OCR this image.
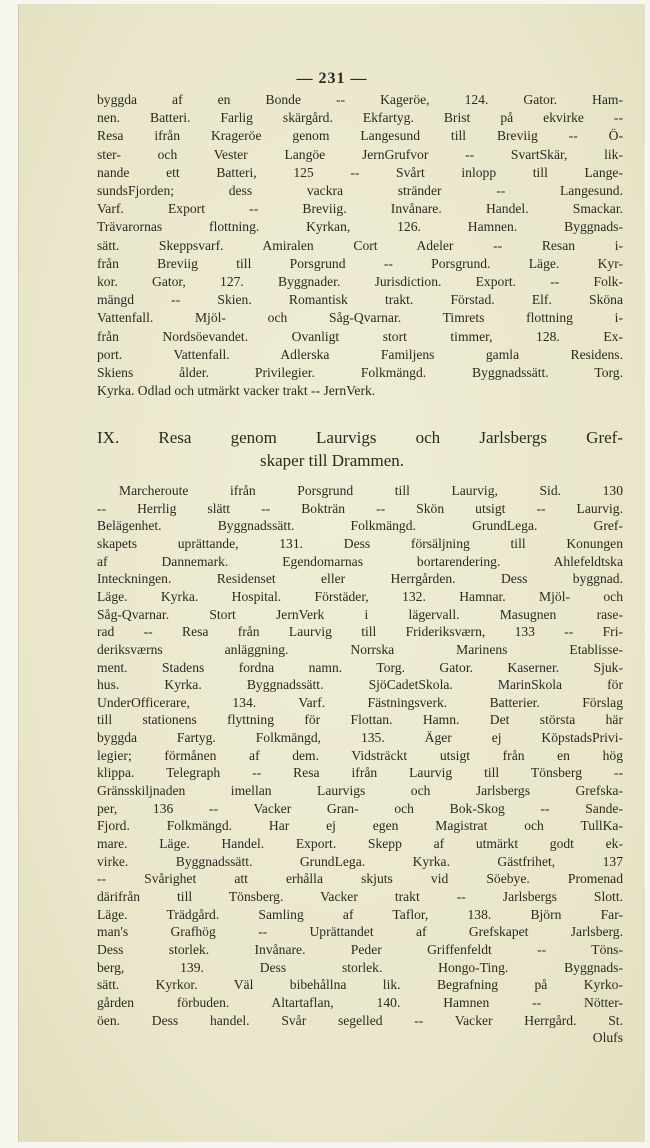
— 231 —
byggda af en Bonde -- Kageröe, 124. Gator. Ham-
nen. Batteri. Farlig skärgård. Ekfartyg. Brist på ekvirke --
Resa ifrån Krageröe genom Langesund till Breviig -- Ö-
ster- och Vester Langöe JernGrufvor -- SvartSkär, lik-
nande ett Batteri, 125 -- Svårt inlopp till Lange-
sundsFjorden; dess vackra stränder -- Langesund.
Varf. Export -- Breviig. Invånare. Handel. Smackar.
Trävarornas flottning. Kyrkan, 126. Hamnen. Byggnads-
sätt. Skeppsvarf. Amiralen Cort Adeler -- Resan i-
från Breviig till Porsgrund -- Porsgrund. Läge. Kyr-
kor. Gator, 127. Byggnader. Jurisdiction. Export. -- Folk-
mängd -- Skien. Romantisk trakt. Förstad. Elf. Sköna
Vattenfall. Mjöl- och Såg-Qvarnar. Timrets flottning i-
från Nordsöevandet. Ovanligt stort timmer, 128. Ex-
port. Vattenfall. Adlerska Familjens gamla Residens.
Skiens ålder. Privilegier. Folkmängd. Byggnadssätt. Torg.
Kyrka. Odlad och utmärkt vacker trakt -- JernVerk.
IX. Resa genom Laurvigs och Jarlsbergs Gref-
skaper till Drammen.
Marcheroute ifrån Porsgrund till Laurvig, Sid. 130
-- Herrlig slätt -- Bokträn -- Skön utsigt -- Laurvig.
Belägenhet. Byggnadssätt. Folkmängd. GrundLega. Gref-
skapets uprättande, 131. Dess försäljning till Konungen
af Dannemark. Egendomarnas bortarendering. Ahlefeldtska
Inteckningen. Residenset eller Herrgården. Dess byggnad.
Läge. Kyrka. Hospital. Förstäder, 132. Hamnar. Mjöl- och
Såg-Qvarnar. Stort JernVerk i lägervall. Masugnen rase-
rad -- Resa från Laurvig till Frideriksværn, 133 -- Fri-
deriksværns anläggning. Norrska Marinens Etablisse-
ment. Stadens fordna namn. Torg. Gator. Kaserner. Sjuk-
hus. Kyrka. Byggnadssätt. SjöCadetSkola. MarinSkola för
UnderOfficerare, 134. Varf. Fästningsverk. Batterier. Förslag
till stationens flyttning för Flottan. Hamn. Det största här
byggda Fartyg. Folkmängd, 135. Äger ej KöpstadsPrivi-
legier; förmånen af dem. Vidsträckt utsigt från en hög
klippa. Telegraph -- Resa ifrån Laurvig till Tönsberg --
Gränsskiljnaden imellan Laurvigs och Jarlsbergs Grefska-
per, 136 -- Vacker Gran- och Bok-Skog -- Sande-
Fjord. Folkmängd. Har ej egen Magistrat och TullKa-
mare. Läge. Handel. Export. Skepp af utmärkt godt ek-
virke. Byggnadssätt. GrundLega. Kyrka. Gästfrihet, 137
-- Svårighet att erhålla skjuts vid Söebye. Promenad
därifrån till Tönsberg. Vacker trakt -- Jarlsbergs Slott.
Läge. Trädgård. Samling af Taflor, 138. Björn Far-
man's Grafhög -- Uprättandet af Grefskapet Jarlsberg.
Dess storlek. Invånare. Peder Griffenfeldt -- Töns-
berg, 139. Dess storlek. Hongo-Ting. Byggnads-
sätt. Kyrkor. Väl bibehållna lik. Begrafning på Kyrko-
gården förbuden. Altartaflan, 140. Hamnen -- Nötter-
öen. Dess handel. Svår segelled -- Vacker Herrgård. St.
Olufs
